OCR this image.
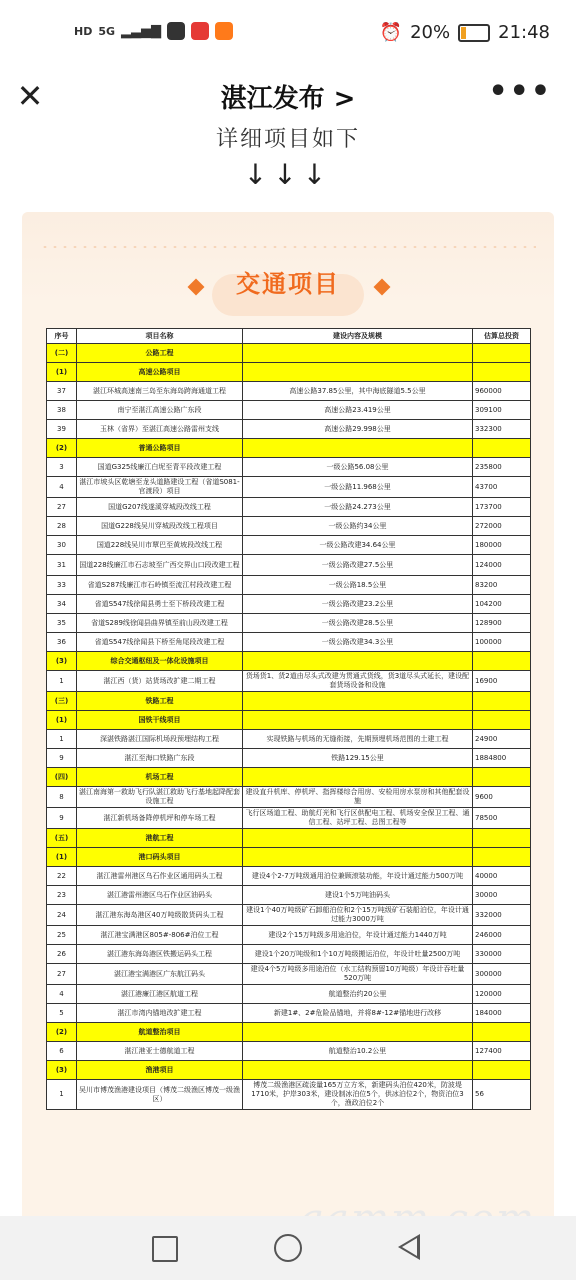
HD 5G ▂▃▅▇	⏰ 20%	21:48
✕	湛江发布 >	•••
详细项目如下
↓↓↓
交通项目
序号	项目名称	建设内容及规模	估算总投资
(二)	公路工程		
(1)	高速公路项目		
37	湛江环城高速南三岛至东海岛跨海通道工程	高速公路37.85公里，其中海底隧道5.5公里	960000
38	南宁至湛江高速公路广东段	高速公路23.419公里	309100
39	玉林（省界）至湛江高速公路雷州支线	高速公路29.998公里	332300
(2)	普通公路项目		
3	国道G325线廉江白坭至青平段改建工程	一级公路56.08公里	235800
4	湛江市坡头区乾塘至龙头道路建设工程（省道S081-官渡段）项目	一级公路11.968公里	43700
27	国道G207线遂溪穿城段改线工程	一级公路24.273公里	173700
28	国道G228线吴川穿城段改线工程项目	一级公路约34公里	272000
30	国道228线吴川市覃巴至黄坡段改线工程	一级公路改建34.64公里	180000
31	国道228线廉江市石志坡至广西交界山口段改建工程	一级公路改建27.5公里	124000
33	省道S287线廉江市石岭镇至流江村段改建工程	一级公路18.5公里	83200
34	省道S547线徐闻县勇士至下桥段改建工程	一级公路改建23.2公里	104200
35	省道S289线徐闻县曲界镇至前山段改建工程	一级公路改建28.5公里	128900
36	省道S547线徐闻县下桥至角尾段改建工程	一级公路改建34.3公里	100000
(3)	综合交通枢纽及一体化设施项目		
1	湛江西（货）站货场改扩建二期工程	货场货1、货2道由尽头式改建为贯通式货线，货3道尽头式延长，建设配套货场设备和设施	16900
(三)	铁路工程		
(1)	国铁干线项目		
1	深湛铁路湛江国际机场段预埋结构工程	实现铁路与机场的无缝衔接，先期预埋机场范围的土建工程	24900
9	湛江至海口铁路广东段	铁路129.15公里	1884800
(四)	机场工程		
8	湛江南海第一救助飞行队湛江救助飞行基地起降配套设施工程	建设直升机库、停机坪、指挥楼综合用房、安检用房水泵房和其他配套设施	9600
9	湛江新机场备降停机坪和停车场工程	飞行区场道工程、助航灯光和飞行区供配电工程、机场安全保卫工程、通信工程、站坪工程、总图工程等	78500
(五)	港航工程		
(1)	港口码头项目		
22	湛江港雷州港区乌石作业区通用码头工程	建设4个2-7万吨级通用泊位兼顾滚装功能，年设计通过能力500万吨	40000
23	湛江港雷州港区乌石作业区油码头	建设1个5万吨油码头	30000
24	湛江港东海岛港区40万吨级散货码头工程	建设1个40万吨级矿石卸船泊位和2个15万吨级矿石装船泊位，年设计通过能力3000万吨	332000
25	湛江港宝满港区805#-806#泊位工程	建设2个15万吨级多用途泊位，年设计通过能力1440万吨	246000
26	湛江港东海岛港区铁搬运码头工程	建设1个20万吨级和1个10万吨级搬运泊位，年设计吐量2500万吨	330000
27	湛江港宝满港区广东航江码头	建设4个5万吨级多用途泊位（水工结构预留10万吨级）年设计吞吐量520万吨	300000
4	湛江港廉江港区航道工程	航道整治约20公里	120000
5	湛江市湾内锚地改扩建工程	新建1#、2#危险品锚地，并将8#-12#锚地进行改移	184000
(2)	航道整治项目		
6	湛江港亚士德航道工程	航道整治10.2公里	127400
(3)	渔港项目		
1	吴川市博茂渔港建设项目（博茂二级渔区博茂一级渔区）	博茂二级渔港区疏浚量165万立方米，新建码头泊位420米，防波堤1710米，护岸303米，建设制冰泊位5个，供冰泊位2个，物资泊位3个，渔政泊位2个	56
